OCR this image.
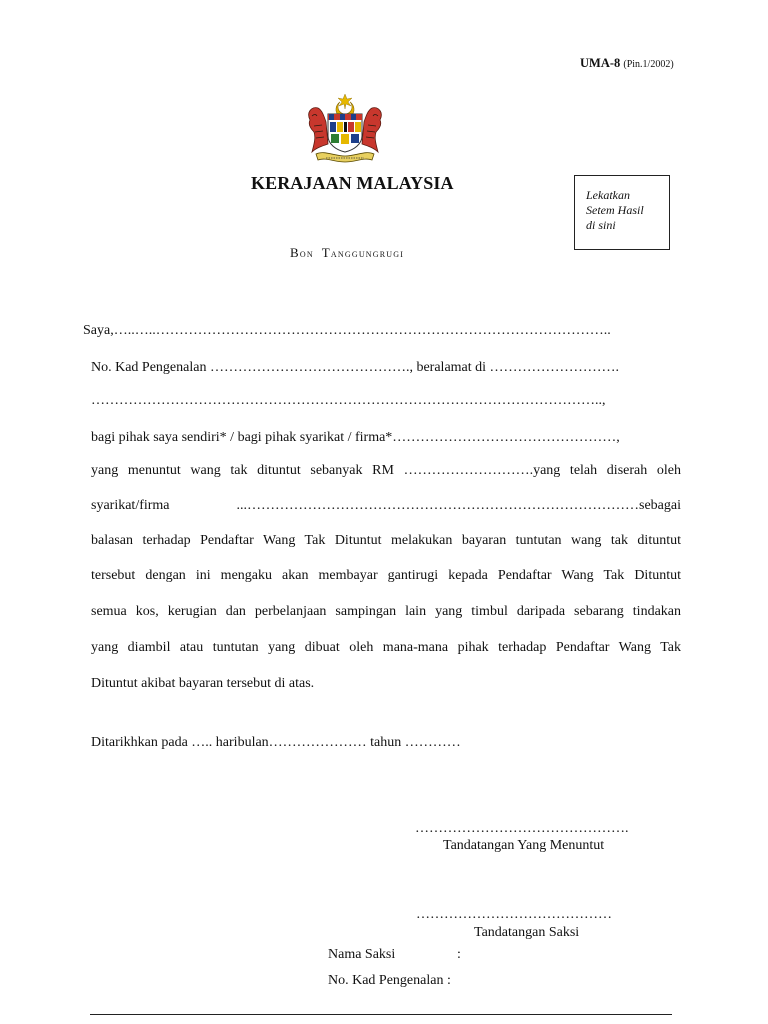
UMA-8 (Pin.1/2002)
KERAJAAN MALAYSIA
Bon Tanggungrugi
Lekatkan
Setem Hasil
di sini
Saya,…..…..……………………………………………………………………………………..
No. Kad Pengenalan ……………………………………., beralamat di ……………………….
………………………………………………………………………………………………..,
bagi pihak saya sendiri* / bagi pihak syarikat / firma*…………………………………………,
yang menuntut wang tak dituntut sebanyak RM ……………………….yang telah diserah oleh
syarikat/firma ...…………………………………………………………………………sebagai
balasan terhadap Pendaftar Wang Tak Dituntut melakukan bayaran tuntutan wang tak dituntut
tersebut dengan ini mengaku akan membayar gantirugi kepada Pendaftar Wang Tak Dituntut
semua kos, kerugian dan perbelanjaan sampingan lain yang timbul daripada sebarang tindakan
yang diambil atau tuntutan yang dibuat oleh mana-mana pihak terhadap Pendaftar Wang Tak
Dituntut akibat bayaran tersebut di atas.
Ditarikhkan pada ….. haribulan………………… tahun …………
……………………………………….
Tandatangan Yang Menuntut
……………………………………
Tandatangan Saksi
Nama Saksi	:
No. Kad Pengenalan :
